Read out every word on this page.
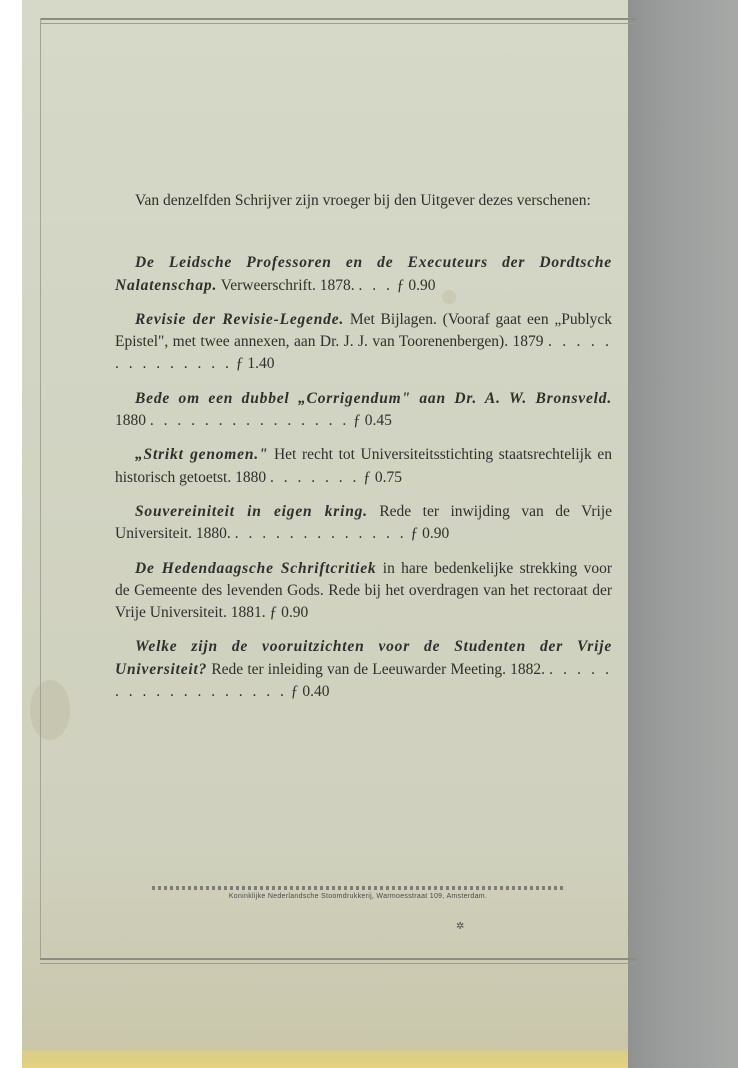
Van denzelfden Schrijver zijn vroeger bij den Uitgever dezes verschenen:

De Leidsche Professoren en de Executeurs der Dordtsche Nalatenschap. Verweerschrift. 1878. . . . ƒ 0.90

Revisie der Revisie-Legende. Met Bijlagen. (Vooraf gaat een „Publyck Epistel", met twee annexen, aan Dr. J. J. van Toorenenbergen). 1879 . . . . . . . . . . . . . . ƒ 1.40

Bede om een dubbel „Corrigendum" aan Dr. A. W. Bronsveld. 1880 . . . . . . . . . . . . . . . ƒ 0.45

„Strikt genomen." Het recht tot Universiteitsstichting staatsrechtelijk en historisch getoetst. 1880 . . . . . . . ƒ 0.75

Souvereiniteit in eigen kring. Rede ter inwijding van de Vrije Universiteit. 1880. . . . . . . . . . . . . . ƒ 0.90

De Hedendaagsche Schriftcritiek in hare bedenkelijke strekking voor de Gemeente des levenden Gods. Rede bij het overdragen van het rectoraat der Vrije Universiteit. 1881. ƒ 0.90

Welke zijn de vooruitzichten voor de Studenten der Vrije Universiteit? Rede ter inleiding van de Leeuwarder Meeting. 1882. . . . . . . . . . . . . . . . . . . ƒ 0.40

Koninklijke Nederlandsche Stoomdrukkerij, Warmoesstraat 109, Amsterdam.
✲
